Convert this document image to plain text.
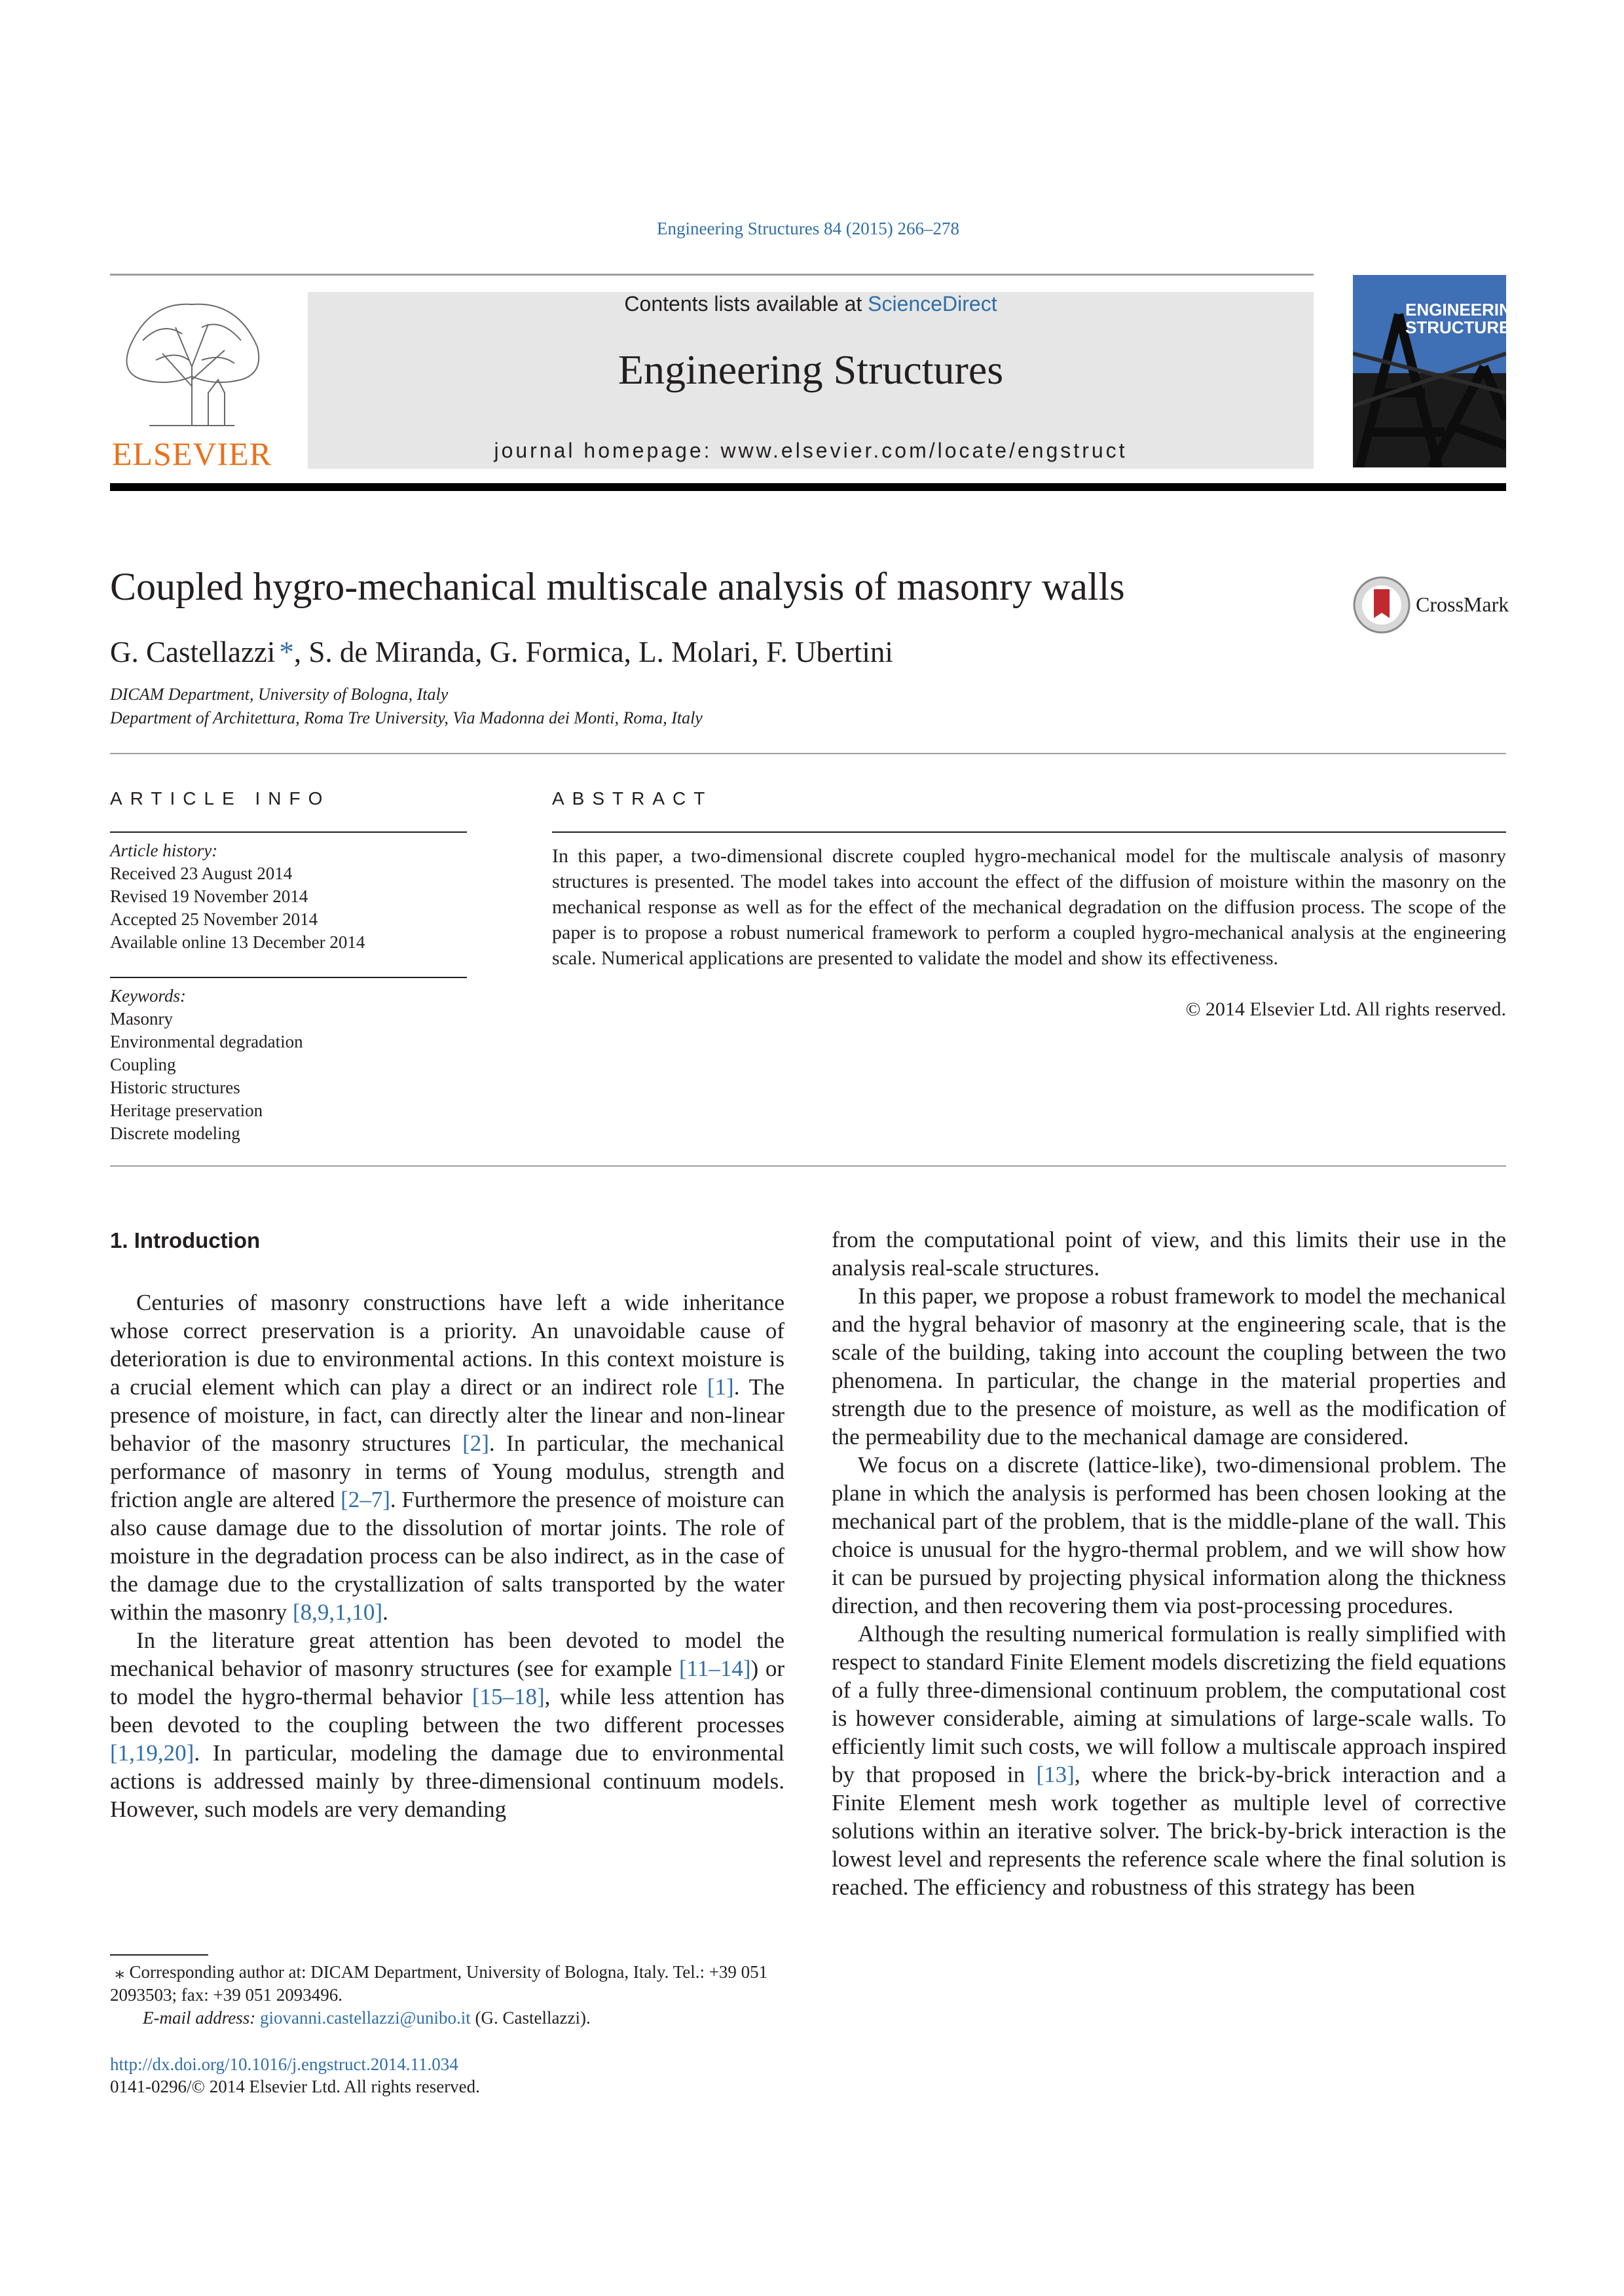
Engineering Structures 84 (2015) 266–278
ELSEVIER
Contents lists available at ScienceDirect
Engineering Structures
journal homepage: www.elsevier.com/locate/engstruct
ENGINEERING
STRUCTURES
Coupled hygro-mechanical multiscale analysis of masonry walls	CrossMark
G. Castellazzi *, S. de Miranda, G. Formica, L. Molari, F. Ubertini
DICAM Department, University of Bologna, Italy
Department of Architettura, Roma Tre University, Via Madonna dei Monti, Roma, Italy
ARTICLE INFO
Article history:
Received 23 August 2014
Revised 19 November 2014
Accepted 25 November 2014
Available online 13 December 2014
Keywords:
Masonry
Environmental degradation
Coupling
Historic structures
Heritage preservation
Discrete modeling
ABSTRACT
In this paper, a two-dimensional discrete coupled hygro-mechanical model for the multiscale analysis of masonry structures is presented. The model takes into account the effect of the diffusion of moisture within the masonry on the mechanical response as well as for the effect of the mechanical degradation on the diffusion process. The scope of the paper is to propose a robust numerical framework to perform a coupled hygro-mechanical analysis at the engineering scale. Numerical applications are presented to validate the model and show its effectiveness.
© 2014 Elsevier Ltd. All rights reserved.
1. Introduction

Centuries of masonry constructions have left a wide inheritance whose correct preservation is a priority. An unavoidable cause of deterioration is due to environmental actions. In this context moisture is a crucial element which can play a direct or an indirect role [1]. The presence of moisture, in fact, can directly alter the linear and non-linear behavior of the masonry structures [2]. In particular, the mechanical performance of masonry in terms of Young modulus, strength and friction angle are altered [2–7]. Furthermore the presence of moisture can also cause damage due to the dissolution of mortar joints. The role of moisture in the degradation process can be also indirect, as in the case of the damage due to the crystallization of salts transported by the water within the masonry [8,9,1,10].

In the literature great attention has been devoted to model the mechanical behavior of masonry structures (see for example [11–14]) or to model the hygro-thermal behavior [15–18], while less attention has been devoted to the coupling between the two different processes [1,19,20]. In particular, modeling the damage due to environmental actions is addressed mainly by three-dimensional continuum models. However, such models are very demanding

from the computational point of view, and this limits their use in the analysis real-scale structures.

In this paper, we propose a robust framework to model the mechanical and the hygral behavior of masonry at the engineering scale, that is the scale of the building, taking into account the coupling between the two phenomena. In particular, the change in the material properties and strength due to the presence of moisture, as well as the modification of the permeability due to the mechanical damage are considered.

We focus on a discrete (lattice-like), two-dimensional problem. The plane in which the analysis is performed has been chosen looking at the mechanical part of the problem, that is the middle-plane of the wall. This choice is unusual for the hygro-thermal problem, and we will show how it can be pursued by projecting physical information along the thickness direction, and then recovering them via post-processing procedures.

Although the resulting numerical formulation is really simplified with respect to standard Finite Element models discretizing the field equations of a fully three-dimensional continuum problem, the computational cost is however considerable, aiming at simulations of large-scale walls. To efficiently limit such costs, we will follow a multiscale approach inspired by that proposed in [13], where the brick-by-brick interaction and a Finite Element mesh work together as multiple level of corrective solutions within an iterative solver. The brick-by-brick interaction is the lowest level and represents the reference scale where the final solution is reached. The efficiency and robustness of this strategy has been

⁎ Corresponding author at: DICAM Department, University of Bologna, Italy. Tel.: +39 051 2093503; fax: +39 051 2093496.
E-mail address: giovanni.castellazzi@unibo.it (G. Castellazzi).
http://dx.doi.org/10.1016/j.engstruct.2014.11.034
0141-0296/© 2014 Elsevier Ltd. All rights reserved.
